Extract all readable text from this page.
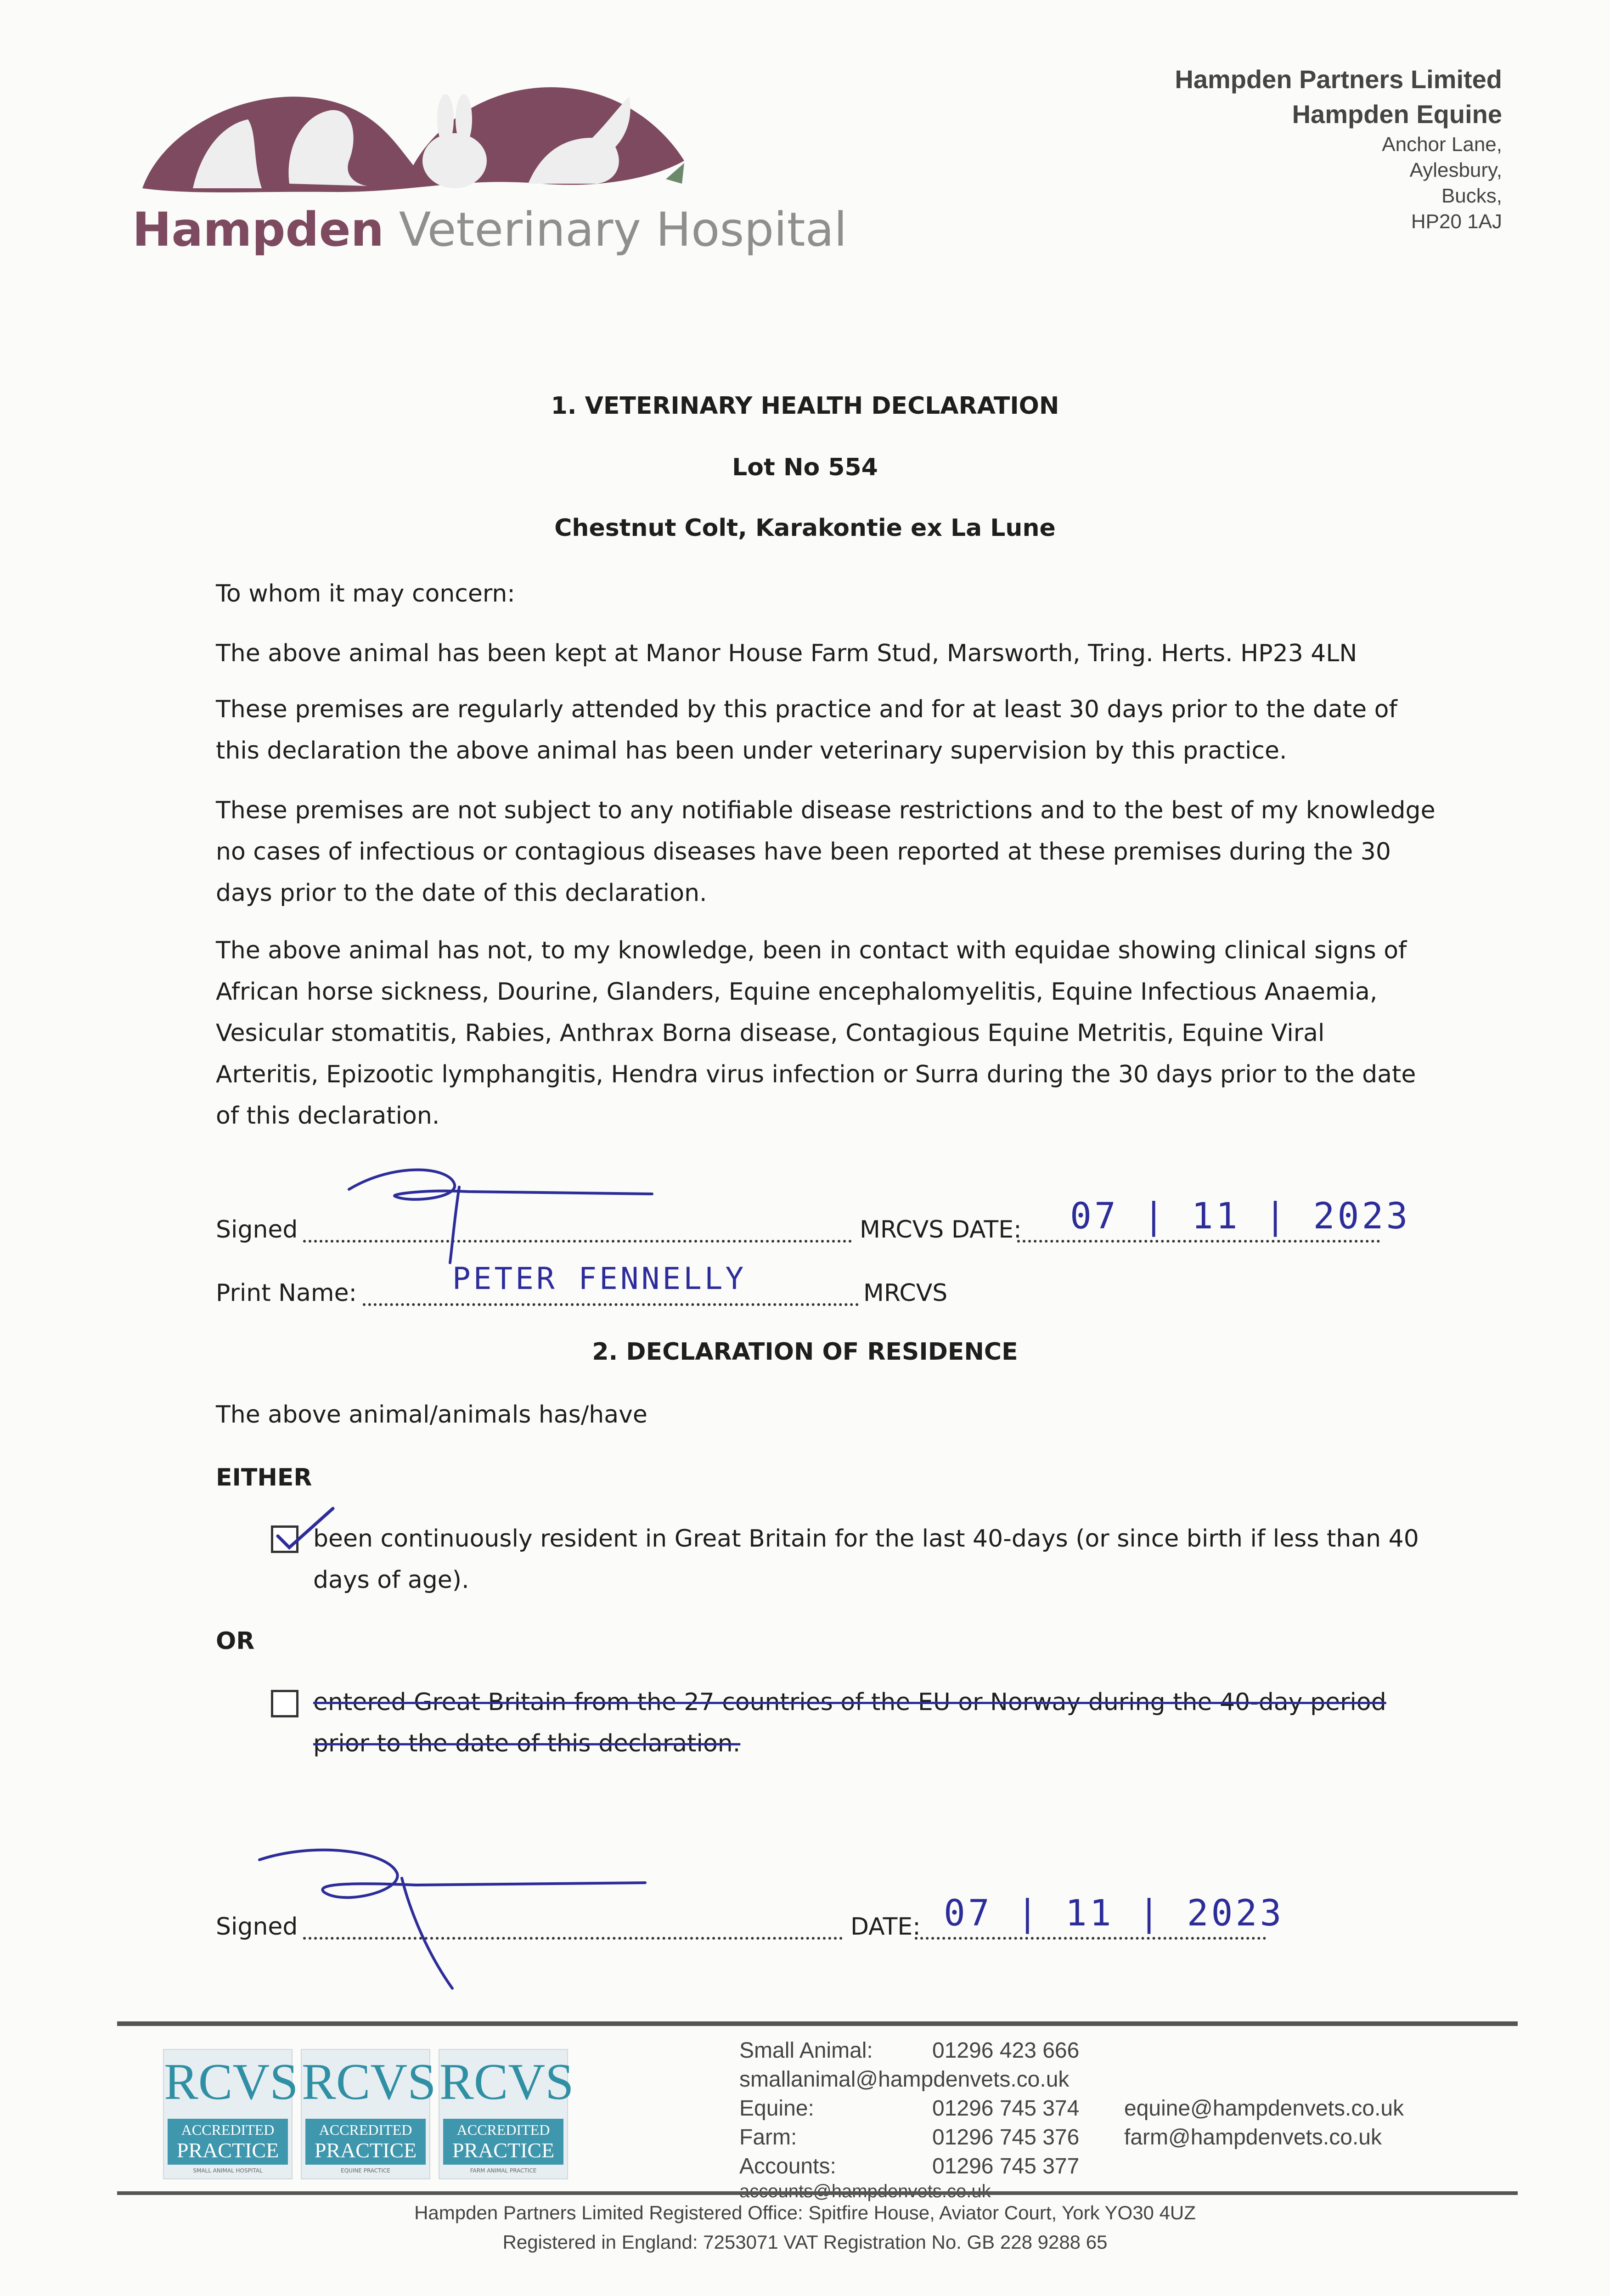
Hampden Veterinary Hospital
Hampden Partners Limited
Hampden Equine
Anchor Lane,
Aylesbury,
Bucks,
HP20 1AJ
1. VETERINARY HEALTH DECLARATION
Lot No 554
Chestnut Colt, Karakontie ex La Lune
To whom it may concern:
The above animal has been kept at Manor House Farm Stud, Marsworth, Tring. Herts. HP23 4LN
These premises are regularly attended by this practice and for at least 30 days prior to the date of
this declaration the above animal has been under veterinary supervision by this practice.
These premises are not subject to any notifiable disease restrictions and to the best of my knowledge
no cases of infectious or contagious diseases have been reported at these premises during the 30
days prior to the date of this declaration.
The above animal has not, to my knowledge, been in contact with equidae showing clinical signs of
African horse sickness, Dourine, Glanders, Equine encephalomyelitis, Equine Infectious Anaemia,
Vesicular stomatitis, Rabies, Anthrax Borna disease, Contagious Equine Metritis, Equine Viral
Arteritis, Epizootic lymphangitis, Hendra virus infection or Surra during the 30 days prior to the date
of this declaration.
Signed	MRCVS DATE: 07 | 11 | 2023
Print Name:	PETER FENNELLY	MRCVS
2. DECLARATION OF RESIDENCE
The above animal/animals has/have
EITHER
been continuously resident in Great Britain for the last 40-days (or since birth if less than 40
days of age).
OR
entered Great Britain from the 27 countries of the EU or Norway during the 40-day period
prior to the date of this declaration.
Signed	DATE: 07 | 11 | 2023
RCVS
ACCREDITED
PRACTICE
SMALL ANIMAL HOSPITAL
RCVS
ACCREDITED
PRACTICE
EQUINE PRACTICE
RCVS
ACCREDITED
PRACTICE
FARM ANIMAL PRACTICE
Small Animal:	01296 423 666
smallanimal@hampdenvets.co.uk
Equine:	01296 745 374 equine@hampdenvets.co.uk
Farm:	01296 745 376 farm@hampdenvets.co.uk
Accounts:	01296 745 377
Hampden Partners Limited Registered Office: Spitfire House, Aviator Court, York YO30 4UZ
Registered in England: 7253071 VAT Registration No. GB 228 9288 65
